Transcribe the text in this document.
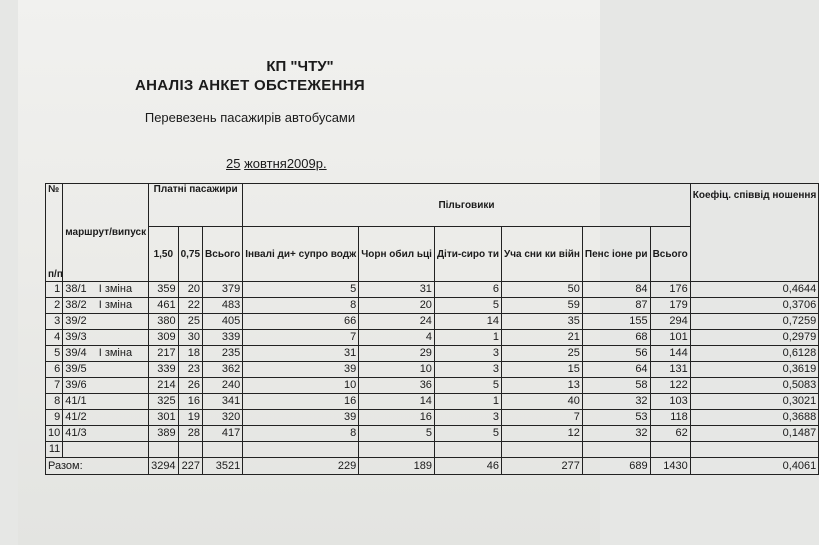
КП "ЧТУ"
АНАЛІЗ АНКЕТ ОБСТЕЖЕННЯ
Перевезень пасажирів автобусами
25 жовтня2009р.
№
п/п	маршрут/випуск	Платні пасажири			Пільговики						Коефіц. співвід ношення
		1,50	0,75	Всього	Інвалі ди+ супро водж	Чорн обил ьці	Діти-сиро ти	Уча сни ки війн	Пенс іоне ри	Всього	
1	38/1 І зміна	359	20	379	5	31	6	50	84	176	0,4644
2	38/2 І зміна	461	22	483	8	20	5	59	87	179	0,3706
3	39/2	380	25	405	66	24	14	35	155	294	0,7259
4	39/3	309	30	339	7	4	1	21	68	101	0,2979
5	39/4 І зміна	217	18	235	31	29	3	25	56	144	0,6128
6	39/5	339	23	362	39	10	3	15	64	131	0,3619
7	39/6	214	26	240	10	36	5	13	58	122	0,5083
8	41/1	325	16	341	16	14	1	40	32	103	0,3021
9	41/2	301	19	320	39	16	3	7	53	118	0,3688
10	41/3	389	28	417	8	5	5	12	32	62	0,1487
11	

Разом:		3294	227	3521	229	189	46	277	689	1430	0,4061
